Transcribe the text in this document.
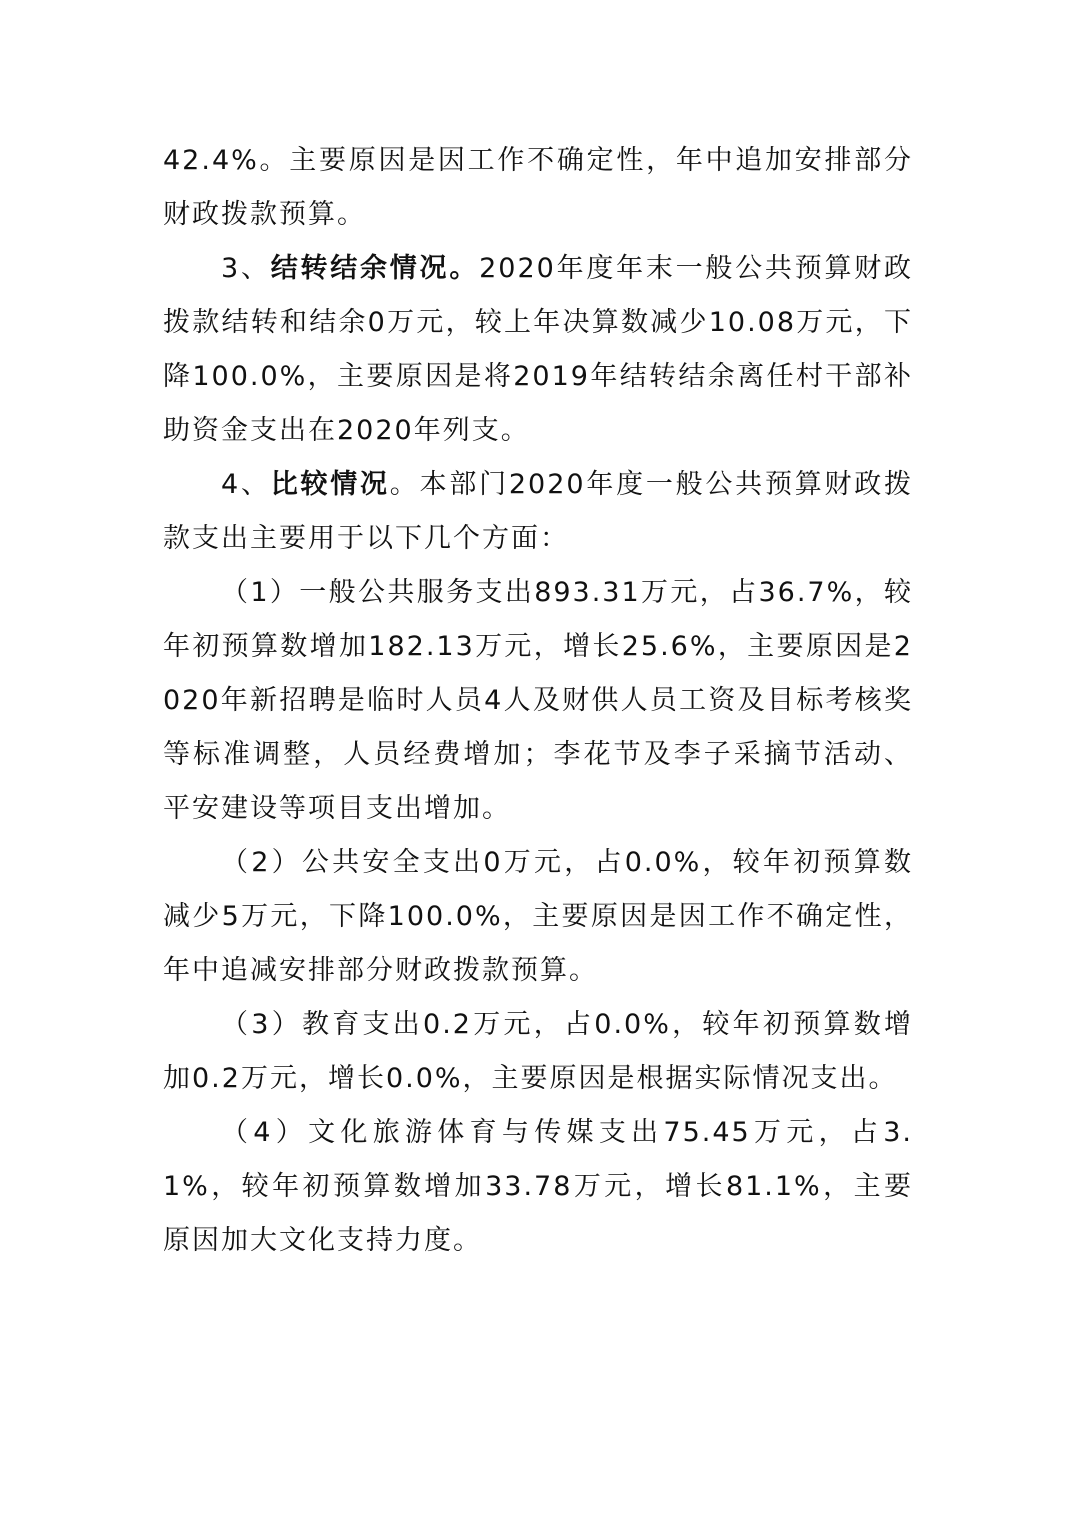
42.4%。主要原因是因工作不确定性，年中追加安排部分财政拨款预算。

3、结转结余情况。2020年度年末一般公共预算财政拨款结转和结余0万元，较上年决算数减少10.08万元，下降100.0%，主要原因是将2019年结转结余离任村干部补助资金支出在2020年列支。

4、比较情况。本部门2020年度一般公共预算财政拨款支出主要用于以下几个方面：

（1）一般公共服务支出893.31万元，占36.7%，较年初预算数增加182.13万元，增长25.6%，主要原因是2020年新招聘是临时人员4人及财供人员工资及目标考核奖等标准调整，人员经费增加；李花节及李子采摘节活动、平安建设等项目支出增加。

（2）公共安全支出0万元，占0.0%，较年初预算数减少5万元，下降100.0%，主要原因是因工作不确定性，年中追减安排部分财政拨款预算。

（3）教育支出0.2万元，占0.0%，较年初预算数增加0.2万元，增长0.0%，主要原因是根据实际情况支出。

（4）文化旅游体育与传媒支出75.45万元，占3.1%，较年初预算数增加33.78万元，增长81.1%，主要原因加大文化支持力度。
